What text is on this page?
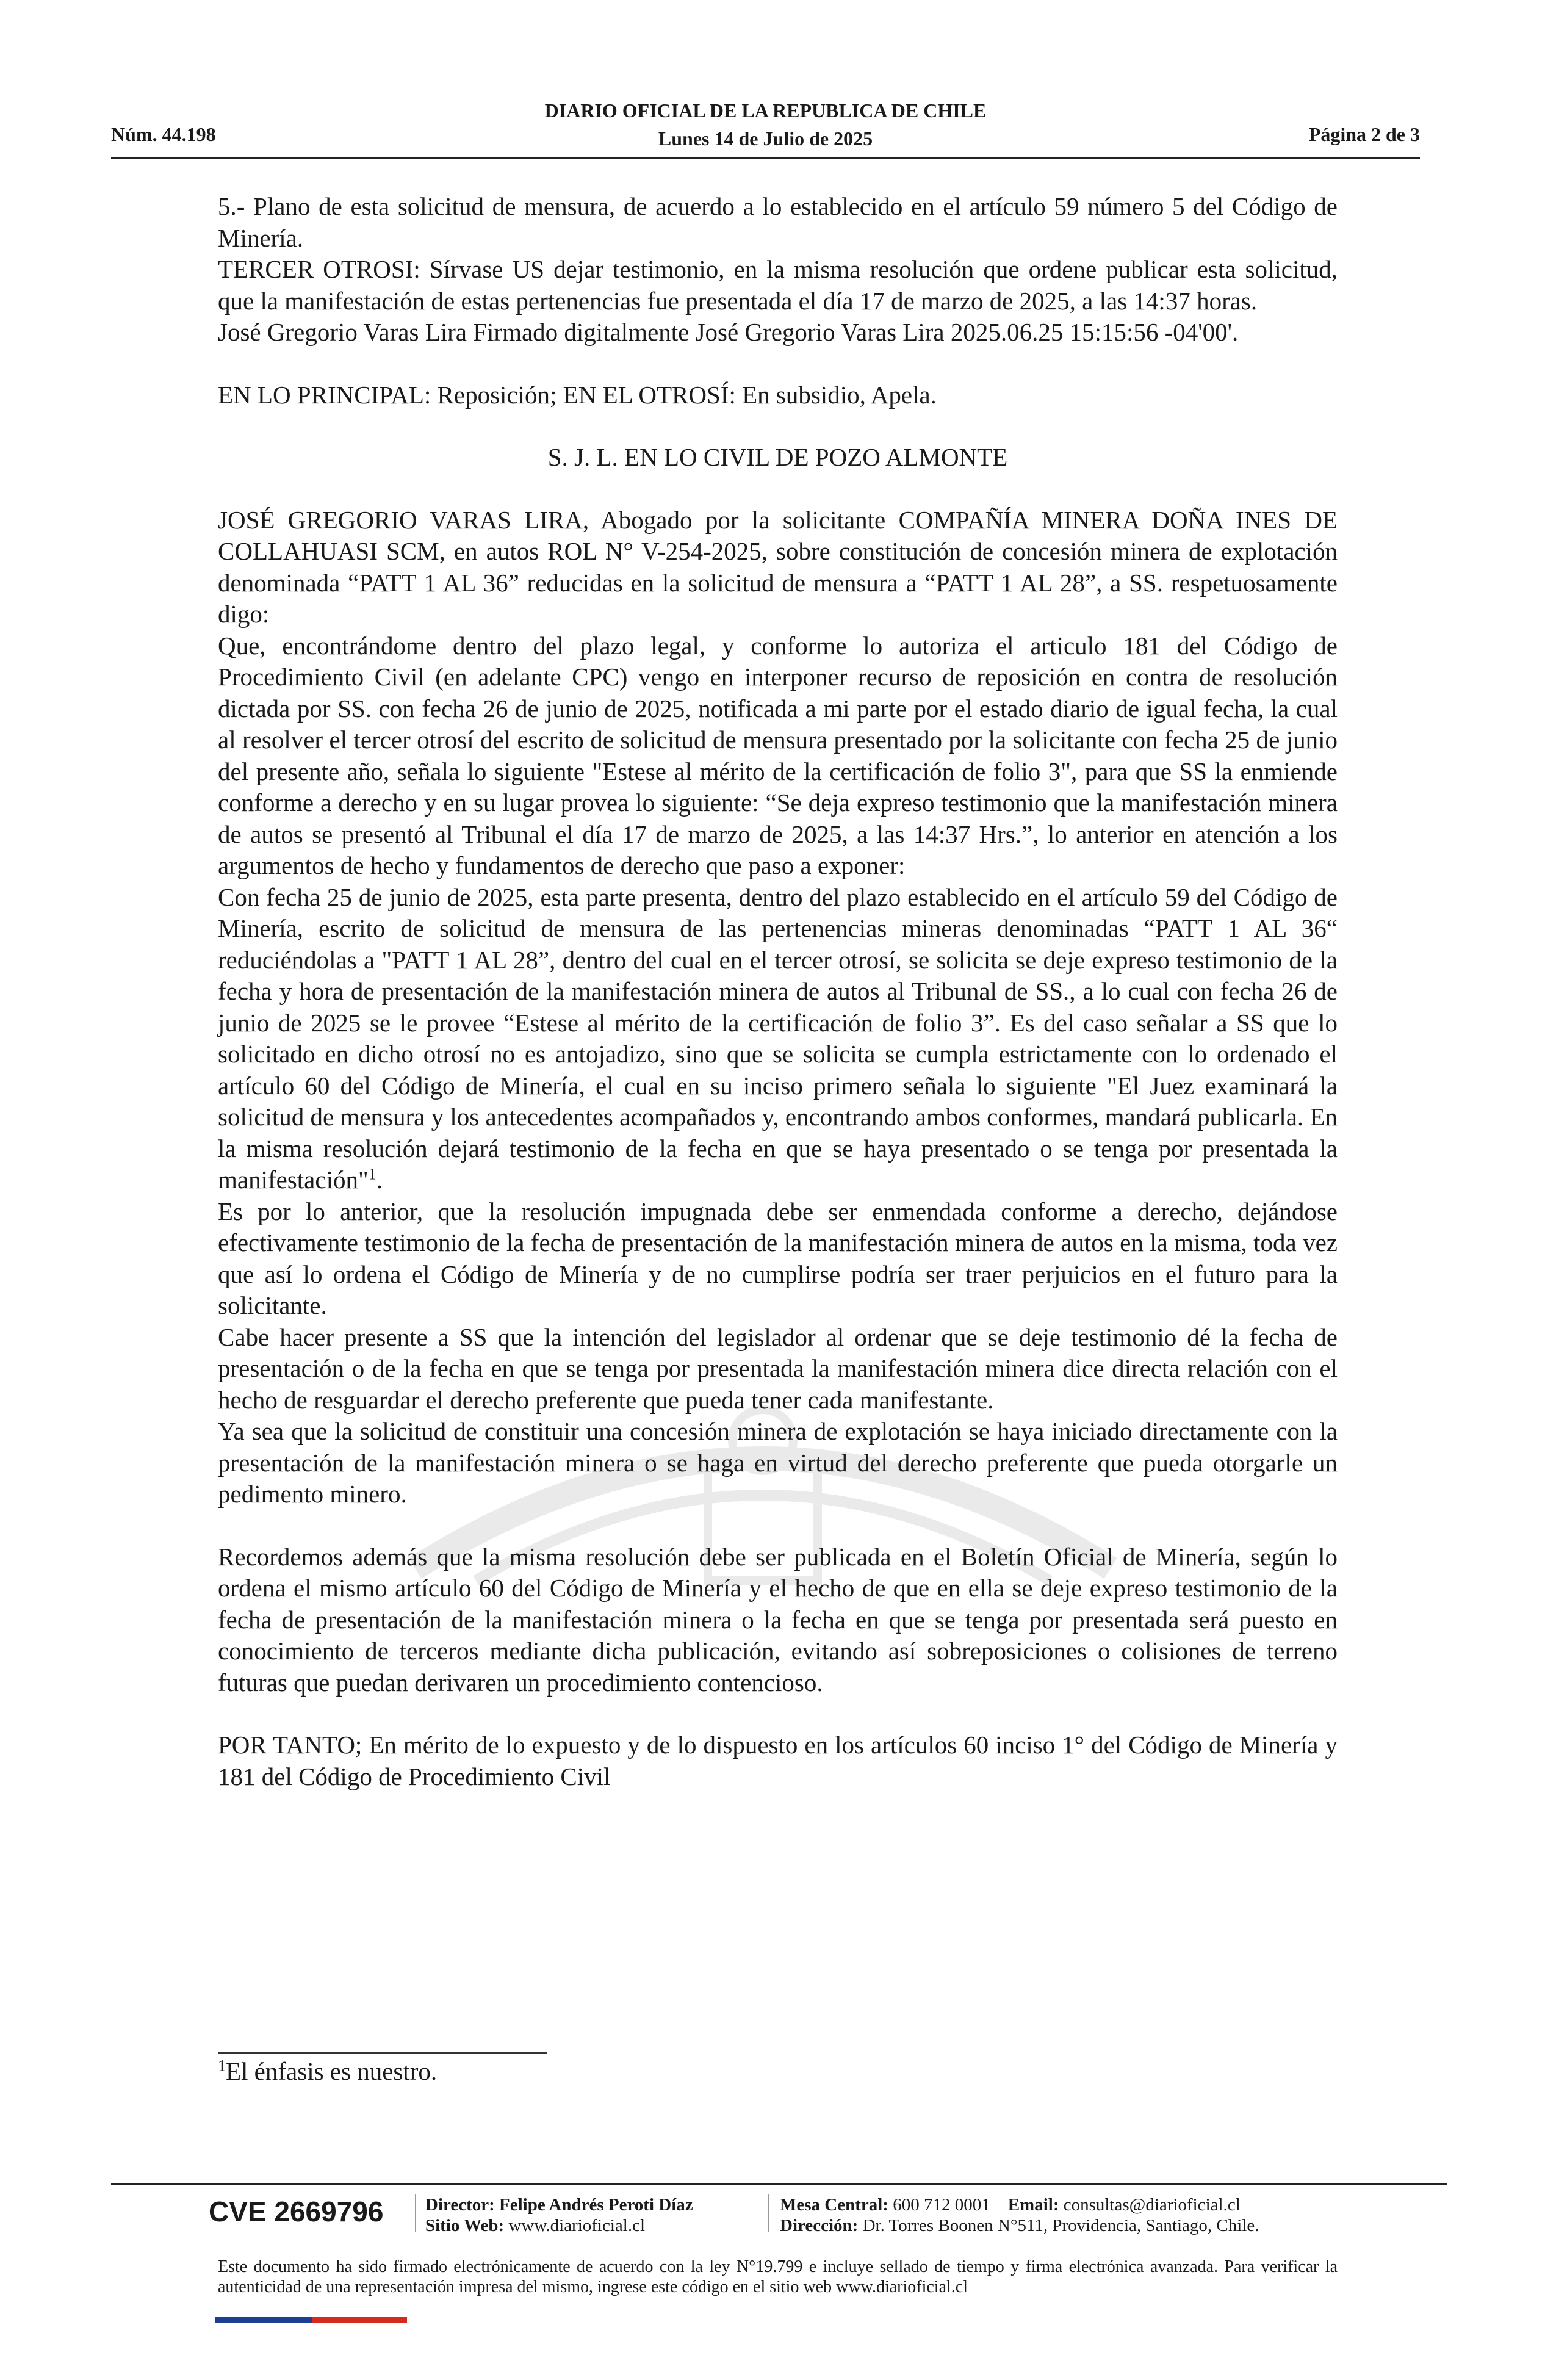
Núm. 44.198
DIARIO OFICIAL DE LA REPUBLICA DE CHILE
Lunes 14 de Julio de 2025	Página 2 de 3

5.- Plano de esta solicitud de mensura, de acuerdo a lo establecido en el artículo 59 número 5 del Código de Minería.

TERCER OTROSI: Sírvase US dejar testimonio, en la misma resolución que ordene publicar esta solicitud, que la manifestación de estas pertenencias fue presentada el día 17 de marzo de 2025, a las 14:37 horas.

José Gregorio Varas Lira Firmado digitalmente José Gregorio Varas Lira 2025.06.25 15:15:56 -04'00'.

EN LO PRINCIPAL: Reposición; EN EL OTROSÍ: En subsidio, Apela.

S. J. L. EN LO CIVIL DE POZO ALMONTE

JOSÉ GREGORIO VARAS LIRA, Abogado por la solicitante COMPAÑÍA MINERA DOÑA INES DE COLLAHUASI SCM, en autos ROL N° V-254-2025, sobre constitución de concesión minera de explotación denominada “PATT 1 AL 36” reducidas en la solicitud de mensura a “PATT 1 AL 28”, a SS. respetuosamente digo:

Que, encontrándome dentro del plazo legal, y conforme lo autoriza el articulo 181 del Código de Procedimiento Civil (en adelante CPC) vengo en interponer recurso de reposición en contra de resolución dictada por SS. con fecha 26 de junio de 2025, notificada a mi parte por el estado diario de igual fecha, la cual al resolver el tercer otrosí del escrito de solicitud de mensura presentado por la solicitante con fecha 25 de junio del presente año, señala lo siguiente "Estese al mérito de la certificación de folio 3", para que SS la enmiende conforme a derecho y en su lugar provea lo siguiente: “Se deja expreso testimonio que la manifestación minera de autos se presentó al Tribunal el día 17 de marzo de 2025, a las 14:37 Hrs.”, lo anterior en atención a los argumentos de hecho y fundamentos de derecho que paso a exponer:

Con fecha 25 de junio de 2025, esta parte presenta, dentro del plazo establecido en el artículo 59 del Código de Minería, escrito de solicitud de mensura de las pertenencias mineras denominadas “PATT 1 AL 36“ reduciéndolas a "PATT 1 AL 28”, dentro del cual en el tercer otrosí, se solicita se deje expreso testimonio de la fecha y hora de presentación de la manifestación minera de autos al Tribunal de SS., a lo cual con fecha 26 de junio de 2025 se le provee “Estese al mérito de la certificación de folio 3”. Es del caso señalar a SS que lo solicitado en dicho otrosí no es antojadizo, sino que se solicita se cumpla estrictamente con lo ordenado el artículo 60 del Código de Minería, el cual en su inciso primero señala lo siguiente "El Juez examinará la solicitud de mensura y los antecedentes acompañados y, encontrando ambos conformes, mandará publicarla. En la misma resolución dejará testimonio de la fecha en que se haya presentado o se tenga por presentada la manifestación"$^1$.

Es por lo anterior, que la resolución impugnada debe ser enmendada conforme a derecho, dejándose efectivamente testimonio de la fecha de presentación de la manifestación minera de autos en la misma, toda vez que así lo ordena el Código de Minería y de no cumplirse podría ser traer perjuicios en el futuro para la solicitante.

Cabe hacer presente a SS que la intención del legislador al ordenar que se deje testimonio dé la fecha de presentación o de la fecha en que se tenga por presentada la manifestación minera dice directa relación con el hecho de resguardar el derecho preferente que pueda tener cada manifestante.

Ya sea que la solicitud de constituir una concesión minera de explotación se haya iniciado directamente con la presentación de la manifestación minera o se haga en virtud del derecho preferente que pueda otorgarle un pedimento minero.

Recordemos además que la misma resolución debe ser publicada en el Boletín Oficial de Minería, según lo ordena el mismo artículo 60 del Código de Minería y el hecho de que en ella se deje expreso testimonio de la fecha de presentación de la manifestación minera o la fecha en que se tenga por presentada será puesto en conocimiento de terceros mediante dicha publicación, evitando así sobreposiciones o colisiones de terreno futuras que puedan derivaren un procedimiento contencioso.

POR TANTO; En mérito de lo expuesto y de lo dispuesto en los artículos 60 inciso 1° del Código de Minería y 181 del Código de Procedimiento Civil

$^1$El énfasis es nuestro.
CVE 2669796 Director: Felipe Andrés Peroti Díaz
Sitio Web: www.diarioficial.cl
Mesa Central: 600 712 0001 Email: consultas@diarioficial.cl
Dirección: Dr. Torres Boonen N°511, Providencia, Santiago, Chile.
Este documento ha sido firmado electrónicamente de acuerdo con la ley N°19.799 e incluye sellado de tiempo y firma electrónica avanzada. Para verificar la autenticidad de una representación impresa del mismo, ingrese este código en el sitio web www.diarioficial.cl
